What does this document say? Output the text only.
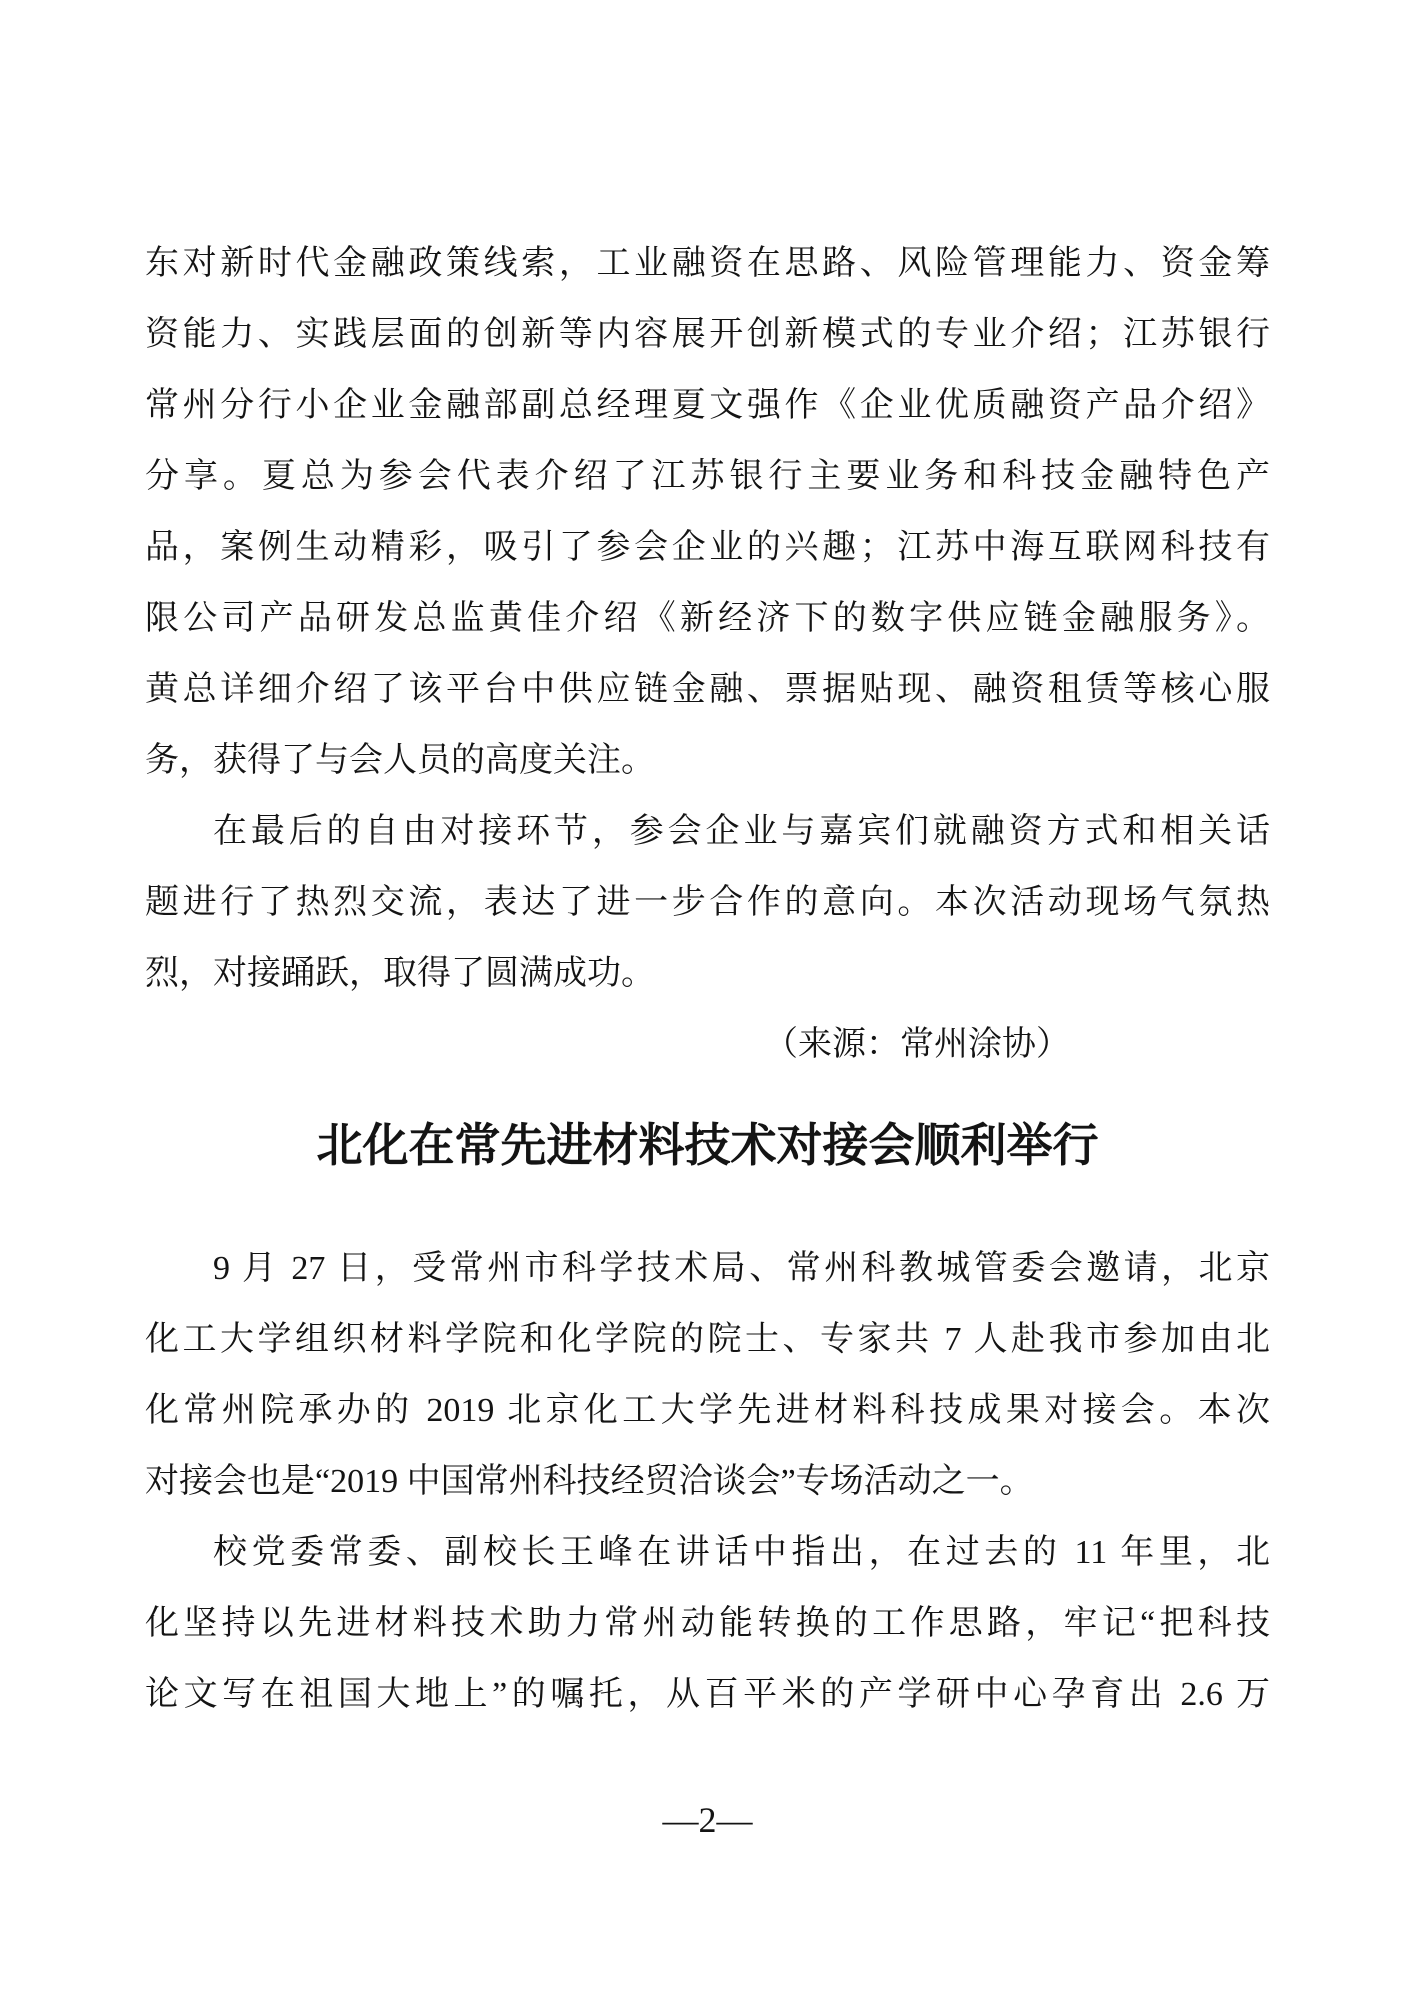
东对新时代金融政策线索，工业融资在思路、风险管理能力、资金筹
资能力、实践层面的创新等内容展开创新模式的专业介绍；江苏银行
常州分行小企业金融部副总经理夏文强作《企业优质融资产品介绍》
分享。夏总为参会代表介绍了江苏银行主要业务和科技金融特色产
品，案例生动精彩，吸引了参会企业的兴趣；江苏中海互联网科技有
限公司产品研发总监黄佳介绍《新经济下的数字供应链金融服务》。
黄总详细介绍了该平台中供应链金融、票据贴现、融资租赁等核心服
务，获得了与会人员的高度关注。
在最后的自由对接环节，参会企业与嘉宾们就融资方式和相关话
题进行了热烈交流，表达了进一步合作的意向。本次活动现场气氛热
烈，对接踊跃，取得了圆满成功。
（来源：常州涂协）
北化在常先进材料技术对接会顺利举行
9 月 27 日，受常州市科学技术局、常州科教城管委会邀请，北京
化工大学组织材料学院和化学院的院士、专家共 7 人赴我市参加由北
化常州院承办的 2019 北京化工大学先进材料科技成果对接会。本次
对接会也是“2019 中国常州科技经贸洽谈会”专场活动之一。
校党委常委、副校长王峰在讲话中指出，在过去的 11 年里，北
化坚持以先进材料技术助力常州动能转换的工作思路，牢记“把科技
论文写在祖国大地上”的嘱托，从百平米的产学研中心孕育出 2.6 万
—2—
